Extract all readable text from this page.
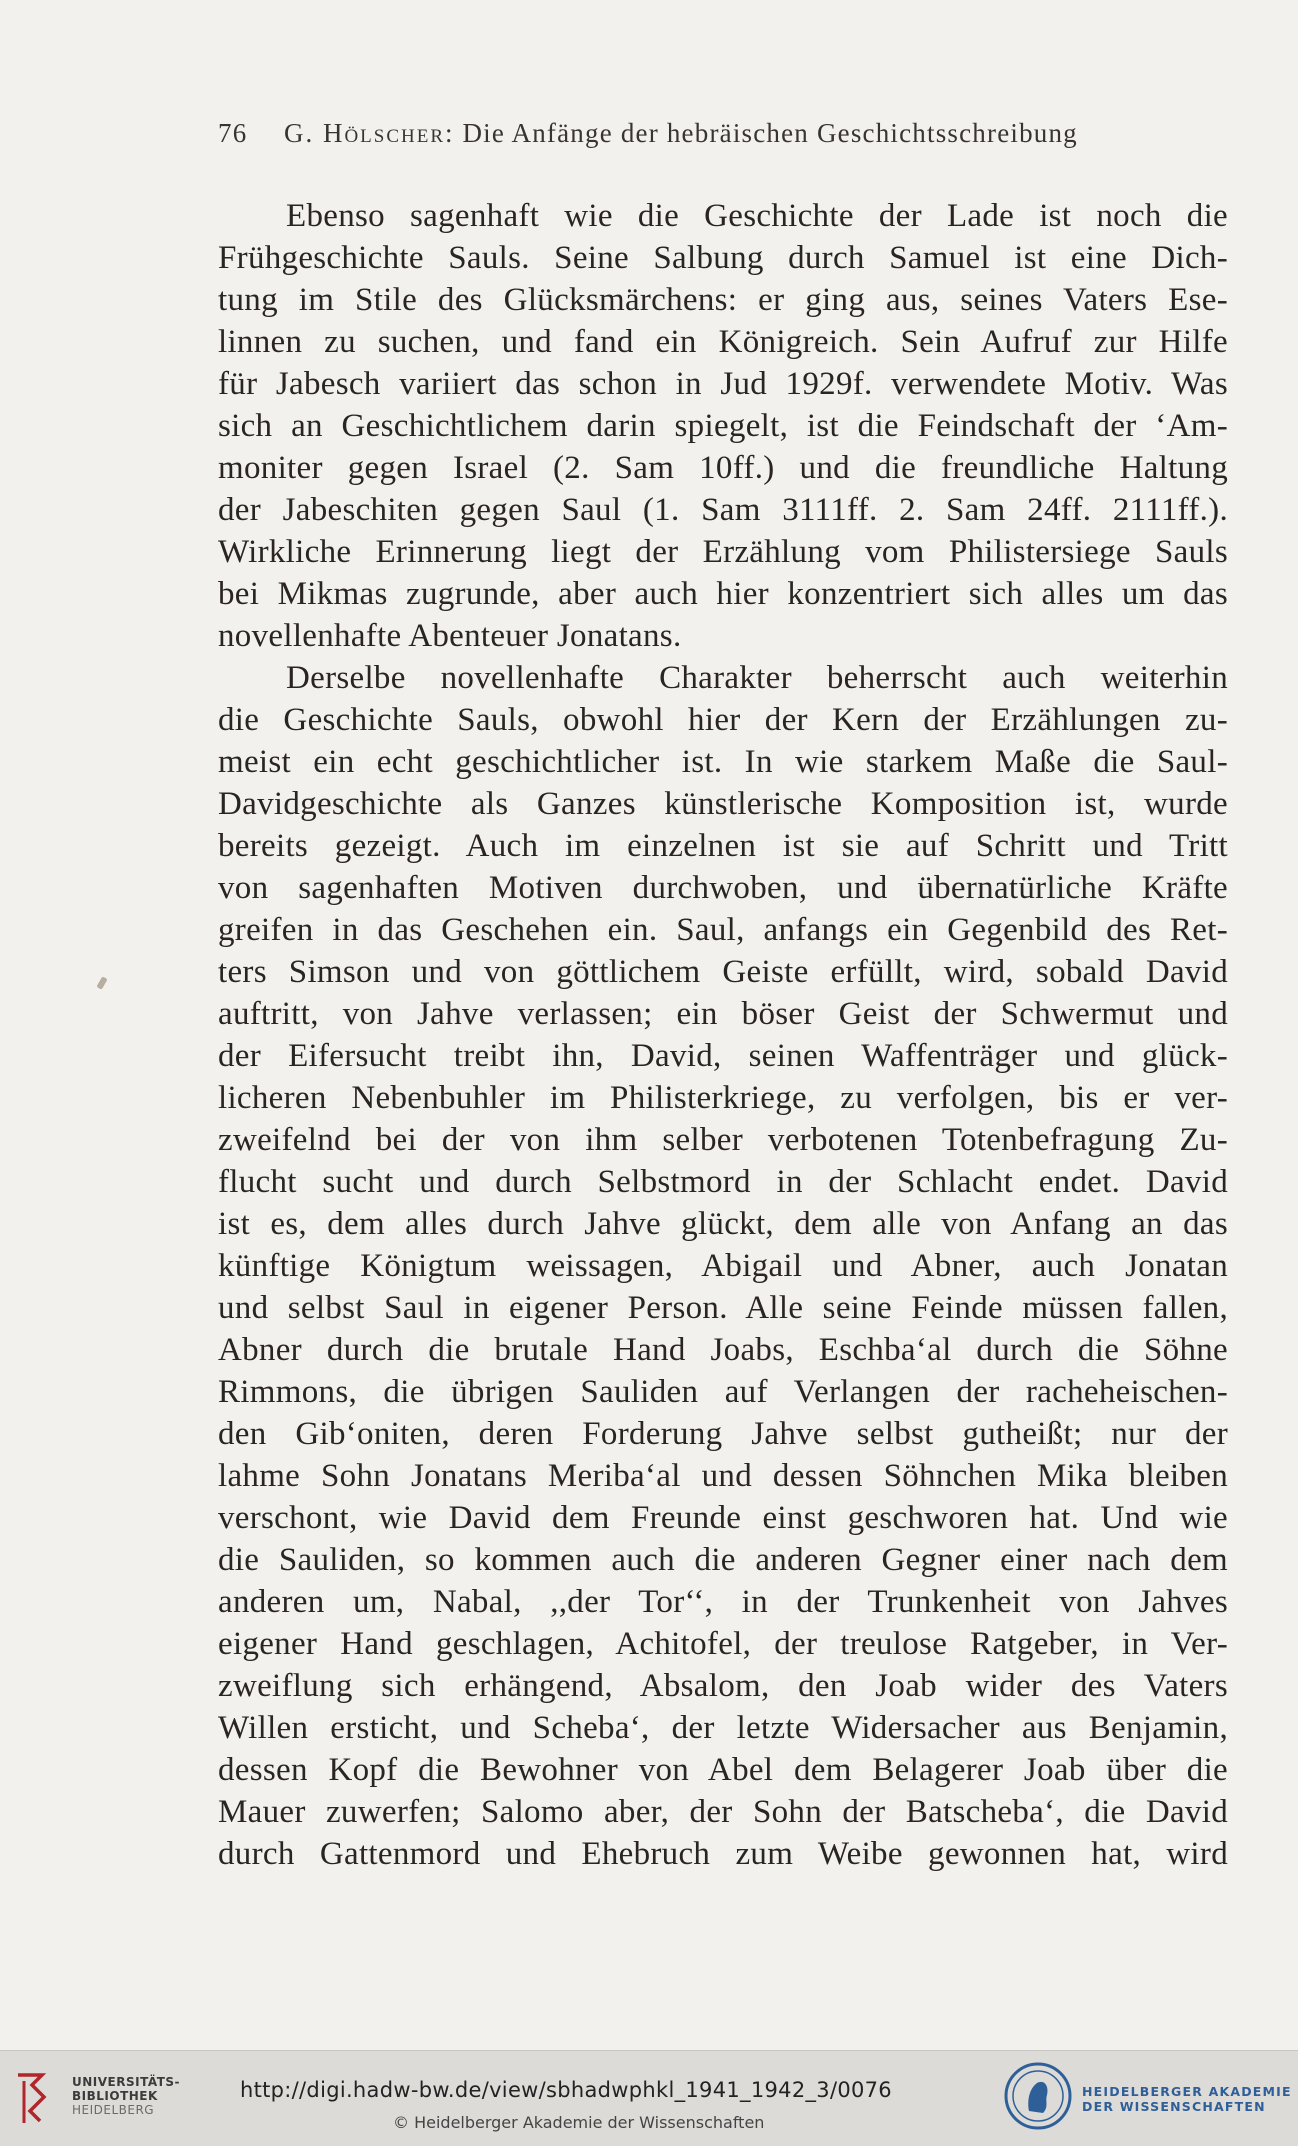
76 G. Hölscher: Die Anfänge der hebräischen Geschichtsschreibung
Ebenso sagenhaft wie die Geschichte der Lade ist noch die
Frühgeschichte Sauls. Seine Salbung durch Samuel ist eine Dich-
tung im Stile des Glücksmärchens: er ging aus, seines Vaters Ese-
linnen zu suchen, und fand ein Königreich. Sein Aufruf zur Hilfe
für Jabesch variiert das schon in Jud 1929f. verwendete Motiv. Was
sich an Geschichtlichem darin spiegelt, ist die Feindschaft der ‘Am-
moniter gegen Israel (2. Sam 10ff.) und die freundliche Haltung
der Jabeschiten gegen Saul (1. Sam 3111ff. 2. Sam 24ff. 2111ff.).
Wirkliche Erinnerung liegt der Erzählung vom Philistersiege Sauls
bei Mikmas zugrunde, aber auch hier konzentriert sich alles um das
novellenhafte Abenteuer Jonatans.
Derselbe novellenhafte Charakter beherrscht auch weiterhin
die Geschichte Sauls, obwohl hier der Kern der Erzählungen zu-
meist ein echt geschichtlicher ist. In wie starkem Maße die Saul-
Davidgeschichte als Ganzes künstlerische Komposition ist, wurde
bereits gezeigt. Auch im einzelnen ist sie auf Schritt und Tritt
von sagenhaften Motiven durchwoben, und übernatürliche Kräfte
greifen in das Geschehen ein. Saul, anfangs ein Gegenbild des Ret-
ters Simson und von göttlichem Geiste erfüllt, wird, sobald David
auftritt, von Jahve verlassen; ein böser Geist der Schwermut und
der Eifersucht treibt ihn, David, seinen Waffenträger und glück-
licheren Nebenbuhler im Philisterkriege, zu verfolgen, bis er ver-
zweifelnd bei der von ihm selber verbotenen Totenbefragung Zu-
flucht sucht und durch Selbstmord in der Schlacht endet. David
ist es, dem alles durch Jahve glückt, dem alle von Anfang an das
künftige Königtum weissagen, Abigail und Abner, auch Jonatan
und selbst Saul in eigener Person. Alle seine Feinde müssen fallen,
Abner durch die brutale Hand Joabs, Eschba‘al durch die Söhne
Rimmons, die übrigen Sauliden auf Verlangen der racheheischen-
den Gib‘oniten, deren Forderung Jahve selbst gutheißt; nur der
lahme Sohn Jonatans Meriba‘al und dessen Söhnchen Mika bleiben
verschont, wie David dem Freunde einst geschworen hat. Und wie
die Sauliden, so kommen auch die anderen Gegner einer nach dem
anderen um, Nabal, ,,der Tor‘‘, in der Trunkenheit von Jahves
eigener Hand geschlagen, Achitofel, der treulose Ratgeber, in Ver-
zweiflung sich erhängend, Absalom, den Joab wider des Vaters
Willen ersticht, und Scheba‘, der letzte Widersacher aus Benjamin,
dessen Kopf die Bewohner von Abel dem Belagerer Joab über die
Mauer zuwerfen; Salomo aber, der Sohn der Batscheba‘, die David
durch Gattenmord und Ehebruch zum Weibe gewonnen hat, wird
UNIVERSITÄTS-
BIBLIOTHEK
HEIDELBERG
http://digi.hadw-bw.de/view/sbhadwphkl_1941_1942_3/0076
© Heidelberger Akademie der Wissenschaften
HEIDELBERGER AKADEMIE
DER WISSENSCHAFTEN
